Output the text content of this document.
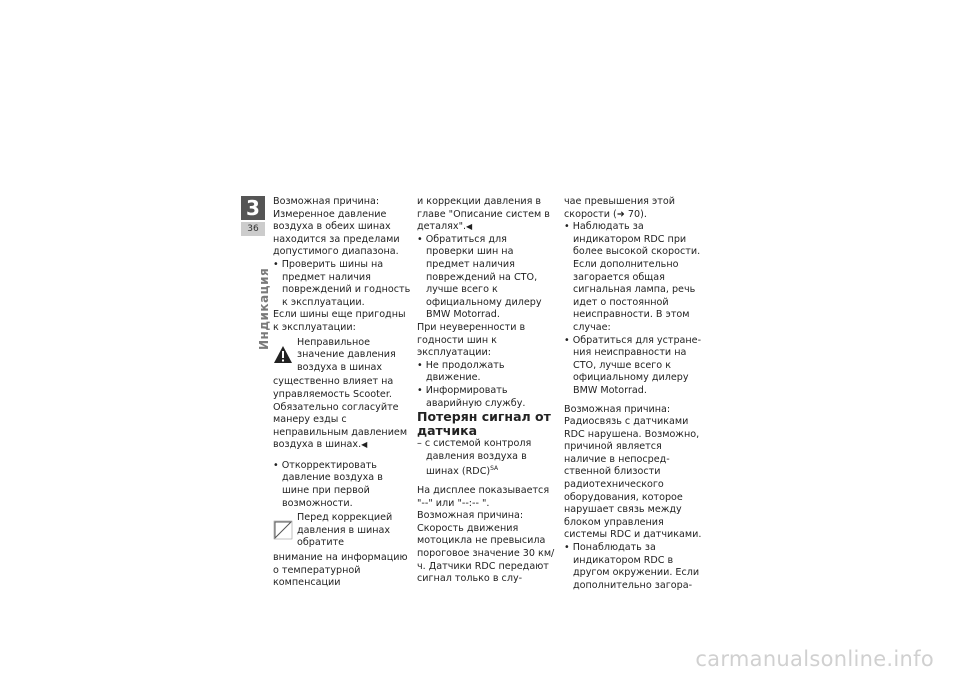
3
36
Индикация

Возможная причина:

Измеренное давление воздуха в обеих шинах находится за пределами допустимого диапазона.

• Проверить шины на предмет наличия повреждений и годность к эксплуатации.

Если шины еще пригодны к эксплуатации:

Неправильное значение давления воздуха в шинах

существенно влияет на управляемость Scooter.

Обязательно согласуйте манеру езды с неправильным давлением воздуха в шинах. ◀

• Откорректировать давление воздуха в шине при первой возможности.

Перед коррекцией давления в шинах обратите

внимание на информацию о температурной компенсации

и коррекции давления в главе "Описание систем в деталях". ◀

• Обратиться для проверки шин на предмет наличия повреждений на СТО, лучше всего к официальному дилеру BMW Motorrad.

При неуверенности в годности шин к эксплуатации:

• Не продолжать движение.

• Информировать аварийную службу.

Потерян сигнал от датчика

– с системой контроля давления воздуха в шинах (RDC)$^{SA}$

На дисплее показывается "--" или "--:-- ".

Возможная причина:

Скорость движения мотоцикла не превысила пороговое значение 30 км/ч. Датчики RDC передают сигнал только в слу-

чае превышения этой скорости (➜ 70).

• Наблюдать за индикатором RDC при более высокой скорости. Если дополнительно загорается общая сигнальная лампа, речь идет о постоянной неисправности. В этом случае:

• Обратиться для устранения неисправности на СТО, лучше всего к официальному дилеру BMW Motorrad.

Возможная причина:

Радиосвязь с датчиками RDC нарушена. Возможно, причиной является наличие в непосредственной близости радиотехнического оборудования, которое нарушает связь между блоком управления системы RDC и датчиками.

• Понаблюдать за индикатором RDC в другом окружении. Если дополнительно загора-

carmanualsonline.info
